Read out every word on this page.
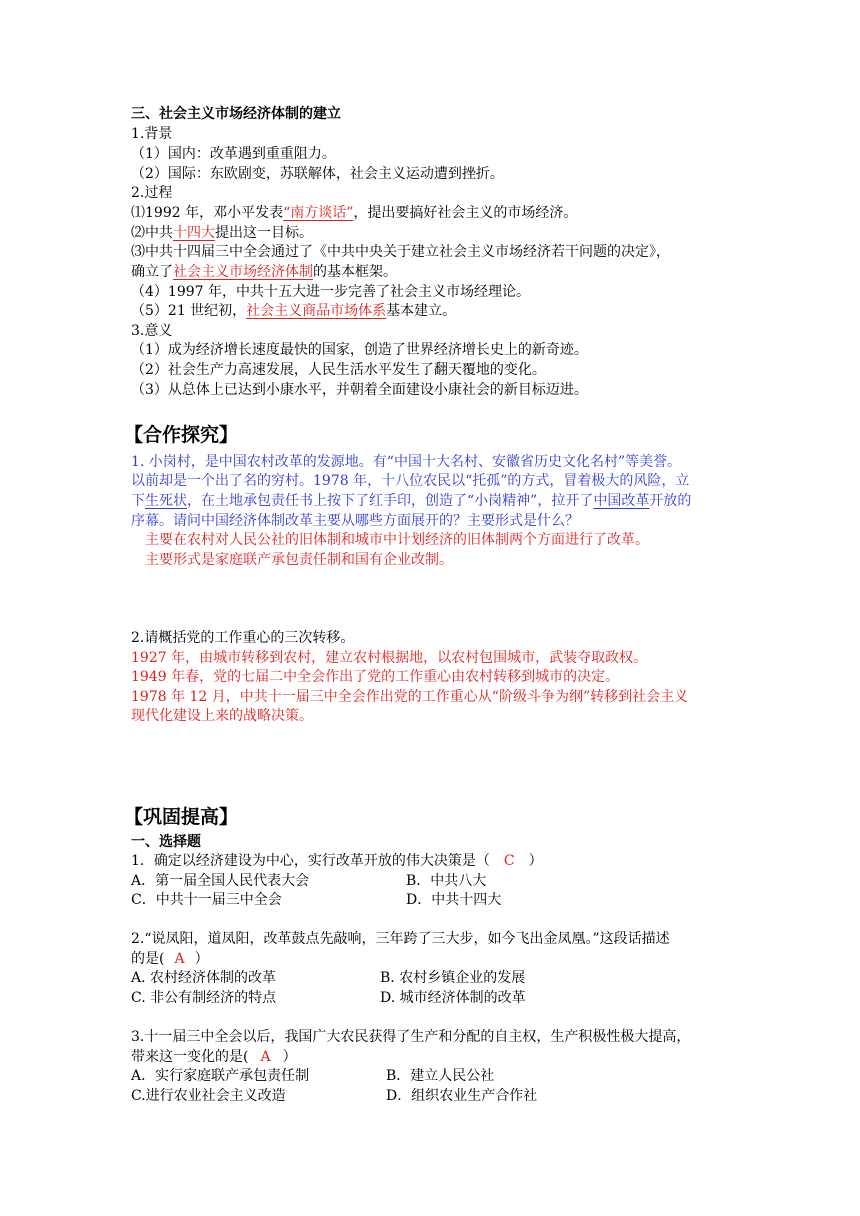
三、社会主义市场经济体制的建立
1.背景
（1）国内：改革遇到重重阻力。
（2）国际：东欧剧变，苏联解体，社会主义运动遭到挫折。
2.过程
⑴1992 年，邓小平发表“南方谈话”，提出要搞好社会主义的市场经济。
⑵中共十四大提出这一目标。
⑶中共十四届三中全会通过了《中共中央关于建立社会主义市场经济若干问题的决定》，
确立了社会主义市场经济体制的基本框架。
（4）1997 年，中共十五大进一步完善了社会主义市场经理论。
（5）21 世纪初，社会主义商品市场体系基本建立。
3.意义
（1）成为经济增长速度最快的国家，创造了世界经济增长史上的新奇迹。
（2）社会生产力高速发展，人民生活水平发生了翻天覆地的变化。
（3）从总体上已达到小康水平，并朝着全面建设小康社会的新目标迈进。
【合作探究】
1. 小岗村，是中国农村改革的发源地。有“中国十大名村、安徽省历史文化名村”等美誉。
以前却是一个出了名的穷村。1978 年，十八位农民以“托孤”的方式，冒着极大的风险，立
下生死状，在土地承包责任书上按下了红手印，创造了“小岗精神”，拉开了中国改革开放的
序幕。请问中国经济体制改革主要从哪些方面展开的？主要形式是什么？
主要在农村对人民公社的旧体制和城市中计划经济的旧体制两个方面进行了改革。
主要形式是家庭联产承包责任制和国有企业改制。
2.请概括党的工作重心的三次转移。
1927 年，由城市转移到农村，建立农村根据地，以农村包围城市，武装夺取政权。
1949 年春，党的七届二中全会作出了党的工作重心由农村转移到城市的决定。
1978 年 12 月，中共十一届三中全会作出党的工作重心从“阶级斗争为纲”转移到社会主义
现代化建设上来的战略决策。
【巩固提高】
一、选择题
1．确定以经济建设为中心，实行改革开放的伟大决策是（ C ）
A．第一届全国人民代表大会	B．中共八大
C．中共十一届三中全会	D．中共十四大
2.“说凤阳，道凤阳，改革鼓点先敲响，三年跨了三大步，如今飞出金凤凰。”这段话描述
的是( A ）
A. 农村经济体制的改革	B. 农村乡镇企业的发展
C. 非公有制经济的特点	D. 城市经济体制的改革
3.十一届三中全会以后，我国广大农民获得了生产和分配的自主权，生产积极性极大提高，
带来这一变化的是( A ）
A．实行家庭联产承包责任制	B．建立人民公社
C.进行农业社会主义改造	D．组织农业生产合作社
